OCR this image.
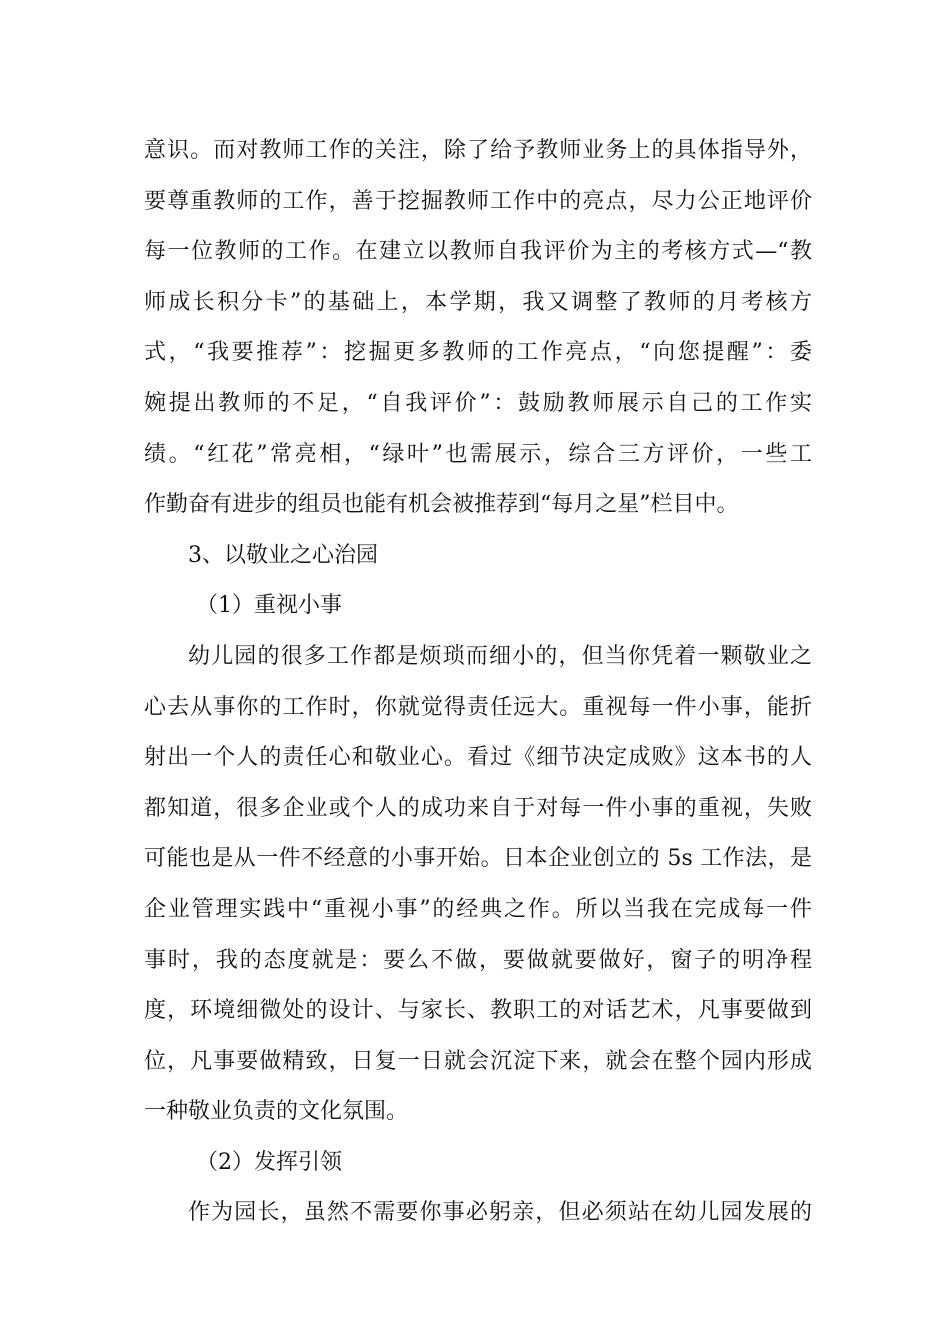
意识。而对教师工作的关注，除了给予教师业务上的具体指导外，
要尊重教师的工作，善于挖掘教师工作中的亮点，尽力公正地评价
每一位教师的工作。在建立以教师自我评价为主的考核方式—“教
师成长积分卡”的基础上，本学期，我又调整了教师的月考核方
式，“我要推荐”：挖掘更多教师的工作亮点，“向您提醒”：委
婉提出教师的不足，“自我评价”：鼓励教师展示自己的工作实
绩。“红花”常亮相，“绿叶”也需展示，综合三方评价，一些工
作勤奋有进步的组员也能有机会被推荐到“每月之星”栏目中。
3、以敬业之心治园
（1）重视小事
幼儿园的很多工作都是烦琐而细小的，但当你凭着一颗敬业之
心去从事你的工作时，你就觉得责任远大。重视每一件小事，能折
射出一个人的责任心和敬业心。看过《细节决定成败》这本书的人
都知道，很多企业或个人的成功来自于对每一件小事的重视，失败
可能也是从一件不经意的小事开始。日本企业创立的 5s 工作法，是
企业管理实践中“重视小事”的经典之作。所以当我在完成每一件
事时，我的态度就是：要么不做，要做就要做好，窗子的明净程
度，环境细微处的设计、与家长、教职工的对话艺术，凡事要做到
位，凡事要做精致，日复一日就会沉淀下来，就会在整个园内形成
一种敬业负责的文化氛围。
（2）发挥引领
作为园长，虽然不需要你事必躬亲，但必须站在幼儿园发展的
